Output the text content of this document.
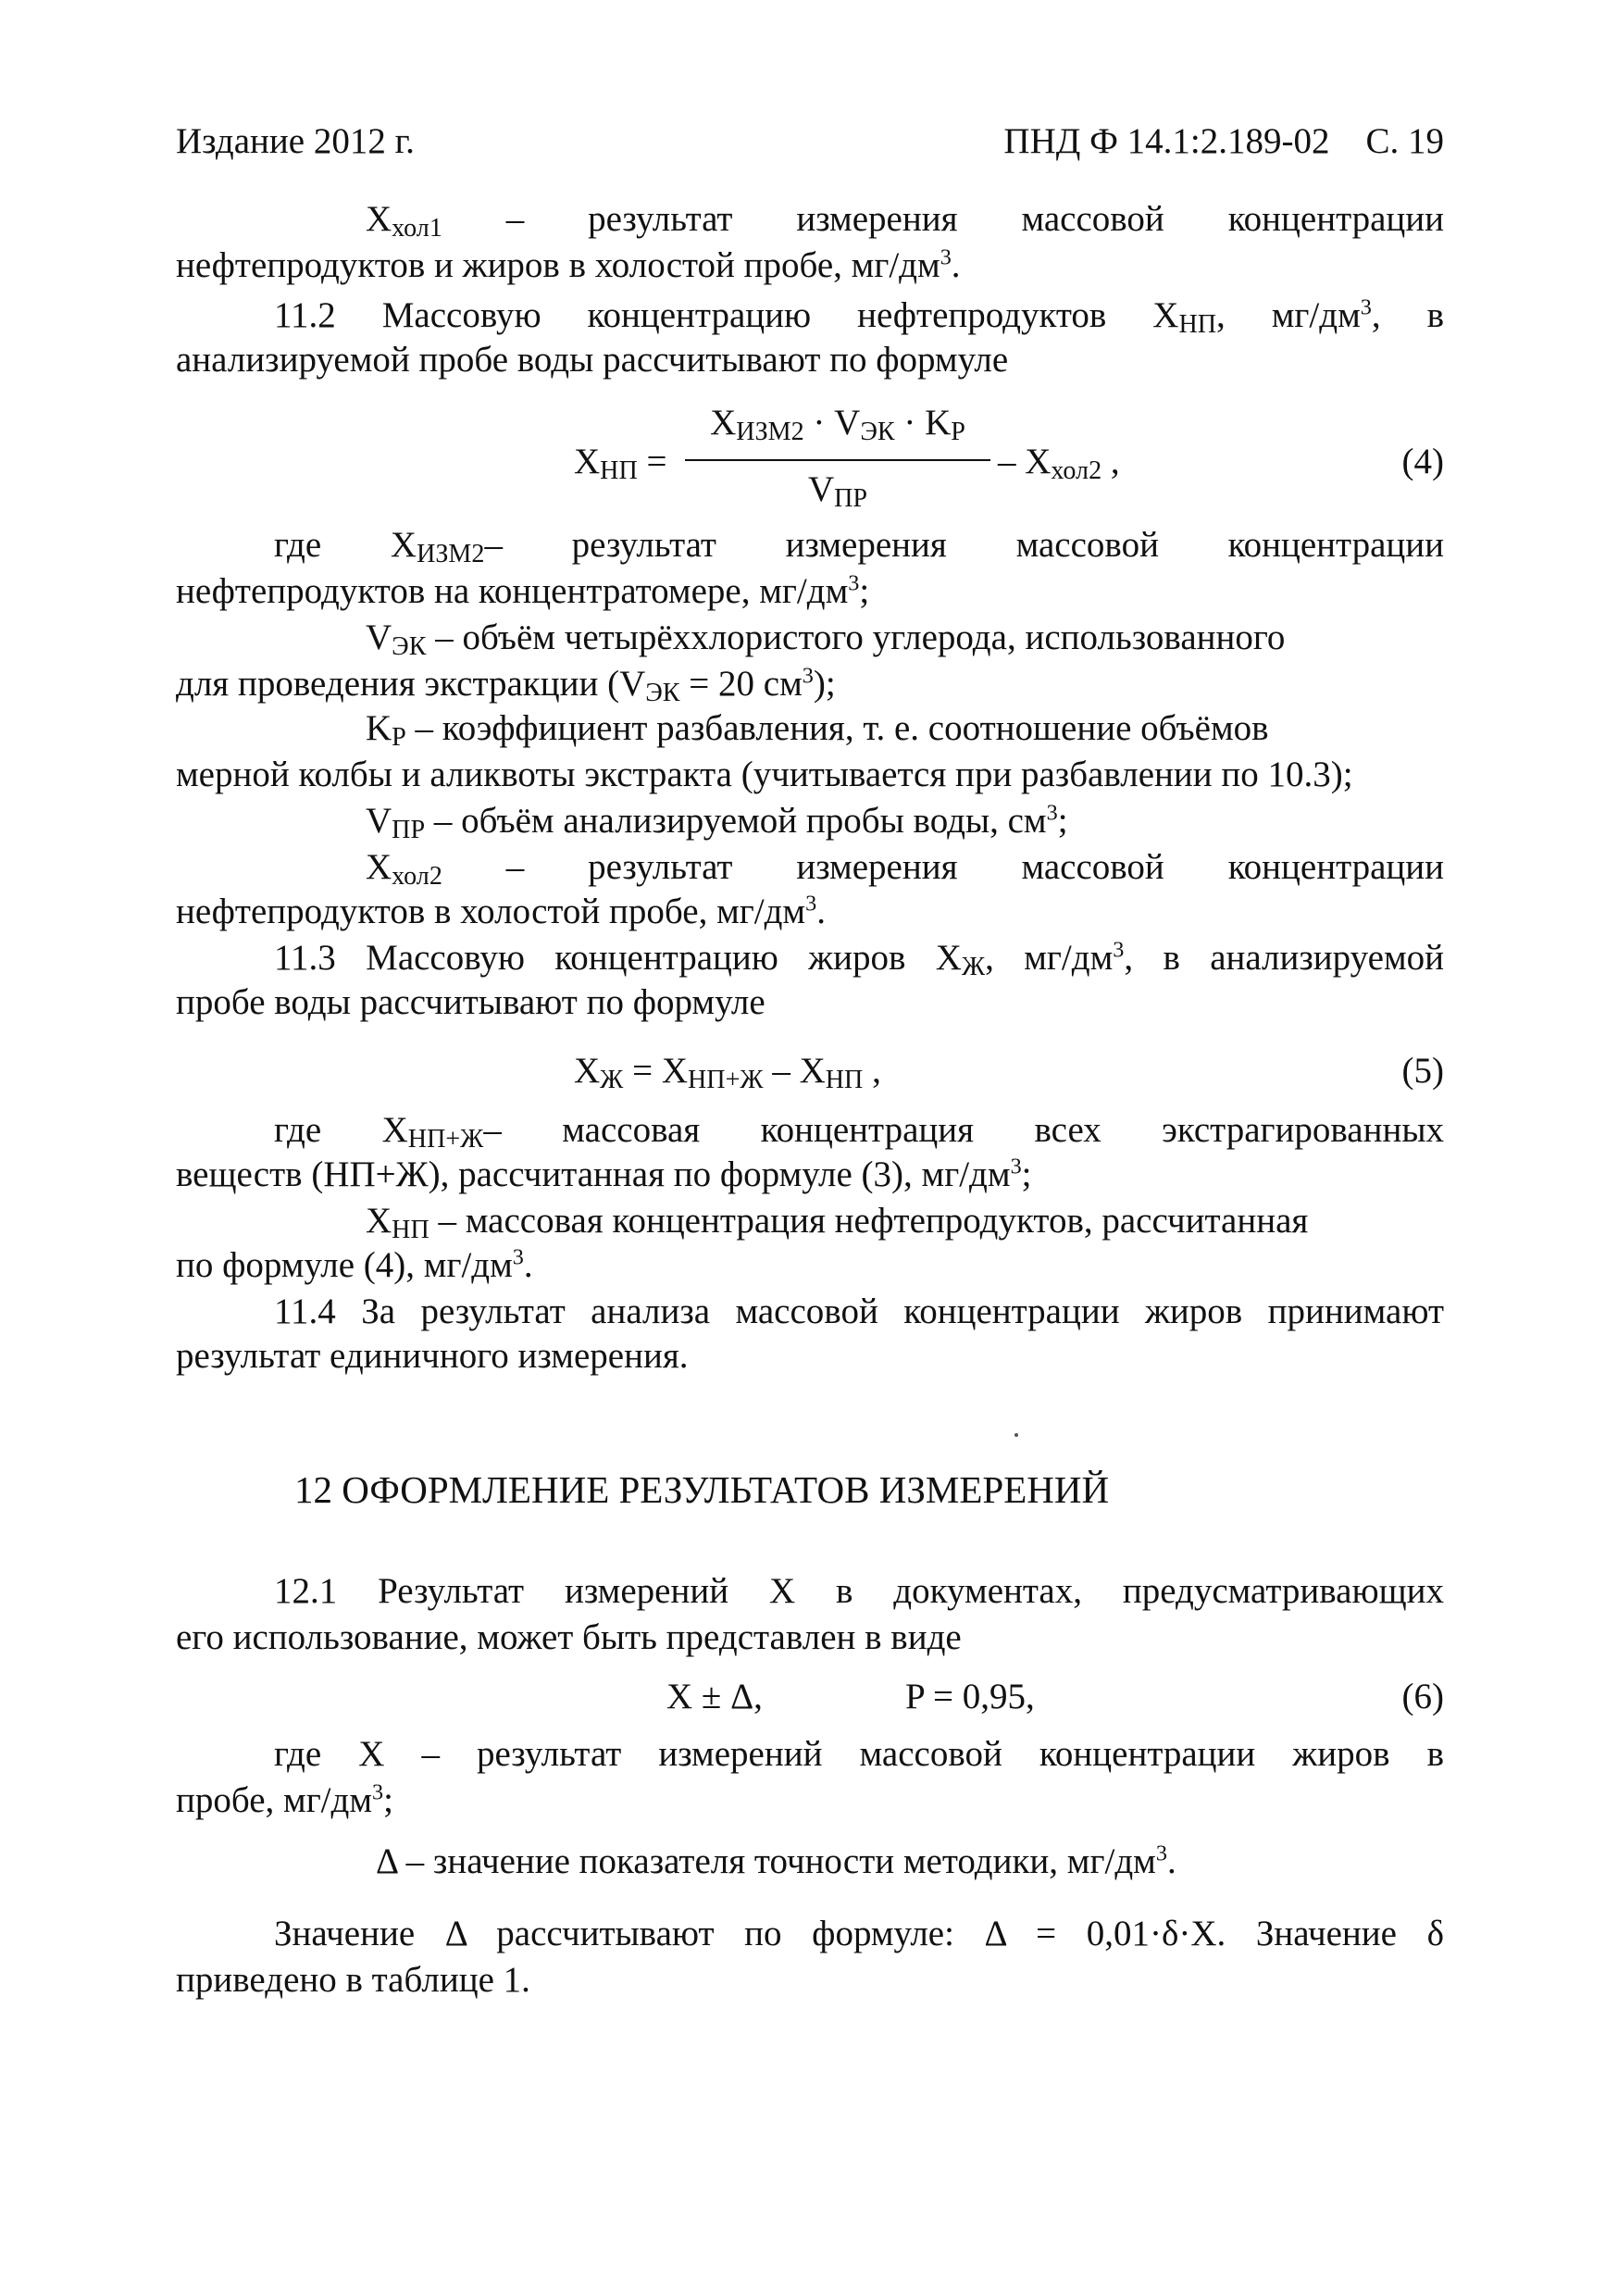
Издание 2012 г.	ПНД Ф 14.1:2.189-02 С. 19
Xхол1 – результат измерения массовой концентрации
нефтепродуктов и жиров в холостой пробе, $мг/дм^3$.
11.2 Массовую концентрацию нефтепродуктов XНП, $мг/дм^3$, в
анализируемой пробе воды рассчитывают по формуле
XНП =
XИЗМ2 · VЭК · KР
VПР
– Xхол2 ,	(4)
где XИЗМ2– результат измерения массовой концентрации
нефтепродуктов на концентратомере, $мг/дм^3$;
VЭК – объём четырёххлористого углерода, использованного
для проведения экстракции (VЭК = 20 $см^3$);
KР – коэффициент разбавления, т. е. соотношение объёмов
мерной колбы и аликвоты экстракта (учитывается при разбавлении по 10.3);
VПР – объём анализируемой пробы воды, $см^3$;
Xхол2 – результат измерения массовой концентрации
нефтепродуктов в холостой пробе, $мг/дм^3$.
11.3 Массовую концентрацию жиров XЖ, $мг/дм^3$, в анализируемой
пробе воды рассчитывают по формуле
XЖ = XНП+Ж – XНП ,	(5)
где XНП+Ж– массовая концентрация всех экстрагированных
веществ (НП+Ж), рассчитанная по формуле (3), $мг/дм^3$;
XНП – массовая концентрация нефтепродуктов, рассчитанная
по формуле (4), $мг/дм^3$.
11.4 За результат анализа массовой концентрации жиров принимают
результат единичного измерения.
12 ОФОРМЛЕНИЕ РЕЗУЛЬТАТОВ ИЗМЕРЕНИЙ
12.1 Результат измерений X в документах, предусматривающих
его использование, может быть представлен в виде
X ± Δ,	P = 0,95,	(6)
где X – результат измерений массовой концентрации жиров в
пробе, $мг/дм^3$;
Δ – значение показателя точности методики, $мг/дм^3$.
Значение Δ рассчитывают по формуле: Δ = 0,01·δ·X. Значение δ
приведено в таблице 1.
